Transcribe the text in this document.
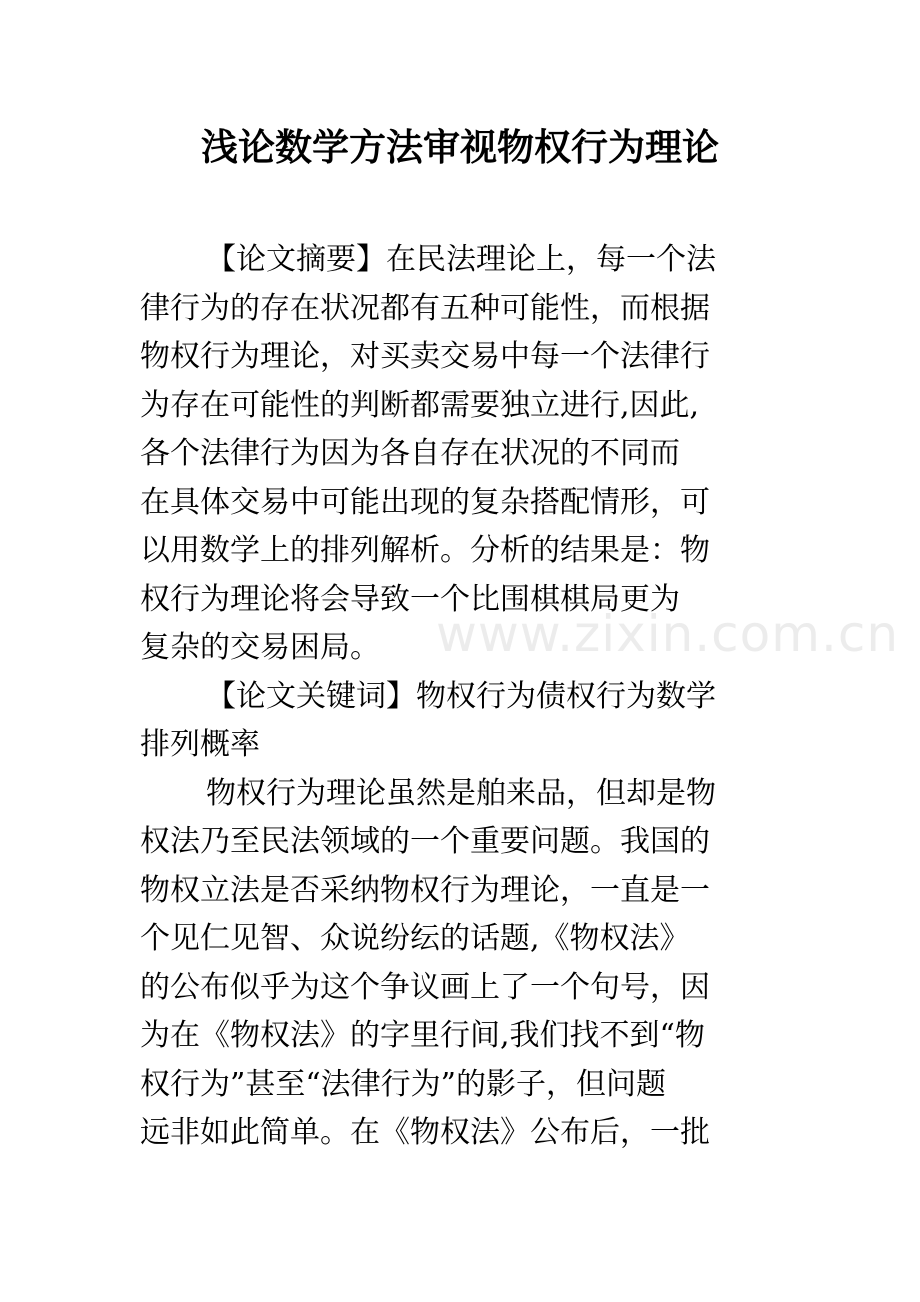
浅论数学方法审视物权行为理论
www.zixin.com.cn
【论文摘要】在民法理论上，每一个法
律行为的存在状况都有五种可能性，而根据
物权行为理论，对买卖交易中每一个法律行
为存在可能性的判断都需要独立进行,因此,
各个法律行为因为各自存在状况的不同而
在具体交易中可能出现的复杂搭配情形，可
以用数学上的排列解析。分析的结果是：物
权行为理论将会导致一个比围棋棋局更为
复杂的交易困局。
【论文关键词】物权行为债权行为数学
排列概率
物权行为理论虽然是舶来品，但却是物
权法乃至民法领域的一个重要问题。我国的
物权立法是否采纳物权行为理论，一直是一
个见仁见智、众说纷纭的话题,《物权法》
的公布似乎为这个争议画上了一个句号，因
为在《物权法》的字里行间,我们找不到“物
权行为”甚至“法律行为”的影子，但问题
远非如此简单。在《物权法》公布后，一批
